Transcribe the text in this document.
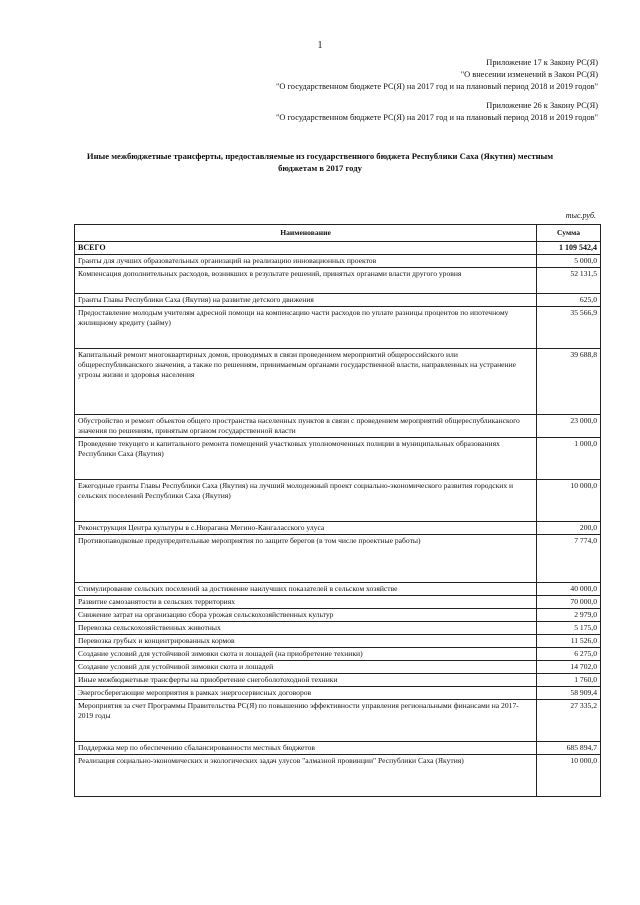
1
Приложение 17 к Закону РС(Я)
"О внесении изменений в Закон РС(Я)
"О государственном бюджете РС(Я) на 2017 год и на плановый период 2018 и 2019 годов"
Приложение 26 к Закону РС(Я)
"О государственном бюджете РС(Я) на 2017 год и на плановый период 2018 и 2019 годов"
Иные межбюджетные трансферты, предоставляемые из государственного бюджета Республики Саха (Якутия) местным бюджетам в 2017 году
тыс.руб.
Наименование	Сумма
ВСЕГО	1 109 542,4
Гранты для лучших образовательных организаций на реализацию инновационных проектов	5 000,0
Компенсация дополнительных расходов, возникших в результате решений, принятых органами власти другого уровня	52 131,5
Гранты Главы Республики Саха (Якутия) на развитие детского движения	625,0
Предоставление молодым учителям адресной помощи на компенсацию части расходов по уплате разницы процентов по ипотечному жилищному кредиту (займу)	35 566,9
Капитальный ремонт многоквартирных домов, проводимых в связи проведением мероприятий общероссийского или общереспубликанского значения, а также по решениям, принимаемым органами государственной власти, направленных на устранение угрозы жизни и здоровья населения	39 688,8
Обустройство и ремонт объектов общего пространства населенных пунктов в связи с проведением мероприятий общереспубликанского значения по решениям, принятым органом государственной власти	23 000,0
Проведение текущего и капитального ремонта помещений участковых уполномоченных полиции в муниципальных образованиях Республики Саха (Якутия)	1 000,0
Ежегодные гранты Главы Республики Саха (Якутия) на лучший молодежный проект социально-экономического развития городских и сельских поселений Республики Саха (Якутия)	10 000,0
Реконструкция Центра культуры в с.Нюрагана Мегино-Кангаласского улуса	200,0
Противопаводковые предупредительные мероприятия по защите берегов (в том числе проектные работы)	7 774,0
Стимулирование сельских поселений за достижение наилучших показателей в сельском хозяйстве	40 000,0
Развитие самозанятости в сельских территориях	70 000,0
Снижение затрат на организацию сбора урожая сельскохозяйственных культур	2 979,0
Перевозка сельскохозяйственных животных	5 175,0
Перевозка грубых и концентрированных кормов	11 526,0
Создание условий для устойчивой зимовки скота и лошадей (на приобретение техники)	6 275,0
Создание условий для устойчивой зимовки скота и лошадей	14 702,0
Иные межбюджетные трансферты на приобретение снегоболотоходной техники	1 760,0
Энергосберегающие мероприятия в рамках энергосервисных договоров	58 909,4
Мероприятия за счет Программы Правительства РС(Я) по повышению эффективности управления региональными финансами на 2017-2019 годы	27 335,2
Поддержка мер по обеспечению сбалансированности местных бюджетов	685 894,7
Реализация социально-экономических и экологических задач улусов "алмазной провинции" Республики Саха (Якутия)	10 000,0
